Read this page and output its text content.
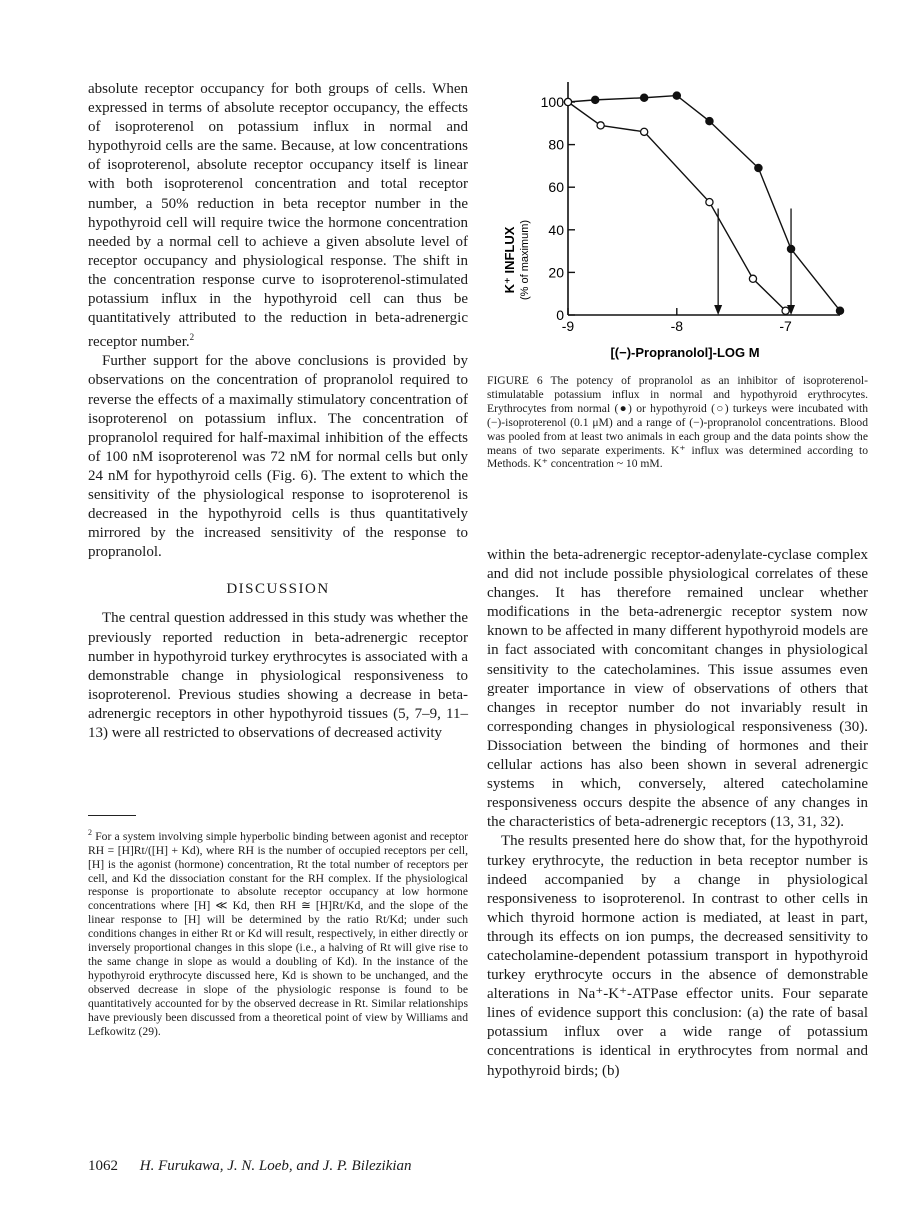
absolute receptor occupancy for both groups of cells. When expressed in terms of absolute receptor occupancy, the effects of isoproterenol on potassium influx in normal and hypothyroid cells are the same. Because, at low concentrations of isoproterenol, absolute receptor occupancy itself is linear with both isoproterenol concentration and total receptor number, a 50% reduction in beta receptor number in the hypothyroid cell will require twice the hormone concentration needed by a normal cell to achieve a given absolute level of receptor occupancy and physiological response. The shift in the concentration response curve to isoproterenol-stimulated potassium influx in the hypothyroid cell can thus be quantitatively attributed to the reduction in beta-adrenergic receptor number.$^2$

Further support for the above conclusions is provided by observations on the concentration of propranolol required to reverse the effects of a maximally stimulatory concentration of isoproterenol on potassium influx. The concentration of propranolol required for half-maximal inhibition of the effects of 100 nM isoproterenol was 72 nM for normal cells but only 24 nM for hypothyroid cells (Fig. 6). The extent to which the sensitivity of the physiological response to isoproterenol is decreased in the hypothyroid cells is thus quantitatively mirrored by the increased sensitivity of the response to propranolol.

DISCUSSION

The central question addressed in this study was whether the previously reported reduction in beta-adrenergic receptor number in hypothyroid turkey erythrocytes is associated with a demonstrable change in physiological responsiveness to isoproterenol. Previous studies showing a decrease in beta-adrenergic receptors in other hypothyroid tissues (5, 7–9, 11–13) were all restricted to observations of decreased activity

$^2$ For a system involving simple hyperbolic binding between agonist and receptor RH = [H]Rt/([H] + Kd), where RH is the number of occupied receptors per cell, [H] is the agonist (hormone) concentration, Rt the total number of receptors per cell, and Kd the dissociation constant for the RH complex. If the physiological response is proportionate to absolute receptor occupancy at low hormone concentrations where [H] ≪ Kd, then RH ≅ [H]Rt/Kd, and the slope of the linear response to [H] will be determined by the ratio Rt/Kd; under such conditions changes in either Rt or Kd will result, respectively, in either directly or inversely proportional changes in this slope (i.e., a halving of Rt will give rise to the same change in slope as would a doubling of Kd). In the instance of the hypothyroid erythrocyte discussed here, Kd is shown to be unchanged, and the observed decrease in slope of the physiologic response is found to be quantitatively accounted for by the observed decrease in Rt. Similar relationships have previously been discussed from a theoretical point of view by Williams and Lefkowitz (29).
0
20
40
60
80
100
-9	-8	-7
K⁺ INFLUX (% of maximum)
[(−)-Propranolol]-LOG M
FIGURE 6 The potency of propranolol as an inhibitor of isoproterenol-stimulatable potassium influx in normal and hypothyroid erythrocytes. Erythrocytes from normal (●) or hypothyroid (○) turkeys were incubated with (−)-isoproterenol (0.1 μM) and a range of (−)-propranolol concentrations. Blood was pooled from at least two animals in each group and the data points show the means of two separate experiments. K⁺ influx was determined according to Methods. K⁺ concentration ~ 10 mM.

within the beta-adrenergic receptor-adenylate-cyclase complex and did not include possible physiological correlates of these changes. It has therefore remained unclear whether modifications in the beta-adrenergic receptor system now known to be affected in many different hypothyroid models are in fact associated with concomitant changes in physiological sensitivity to the catecholamines. This issue assumes even greater importance in view of observations of others that changes in receptor number do not invariably result in corresponding changes in physiological responsiveness (30). Dissociation between the binding of hormones and their cellular actions has also been shown in several adrenergic systems in which, conversely, altered catecholamine responsiveness occurs despite the absence of any changes in the characteristics of beta-adrenergic receptors (13, 31, 32).

The results presented here do show that, for the hypothyroid turkey erythrocyte, the reduction in beta receptor number is indeed accompanied by a change in physiological responsiveness to isoproterenol. In contrast to other cells in which thyroid hormone action is mediated, at least in part, through its effects on ion pumps, the decreased sensitivity to catecholamine-dependent potassium transport in hypothyroid turkey erythrocyte occurs in the absence of demonstrable alterations in Na⁺-K⁺-ATPase effector units. Four separate lines of evidence support this conclusion: (a) the rate of basal potassium influx over a wide range of potassium concentrations is identical in erythrocytes from normal and hypothyroid birds; (b)

1062 H. Furukawa, J. N. Loeb, and J. P. Bilezikian
